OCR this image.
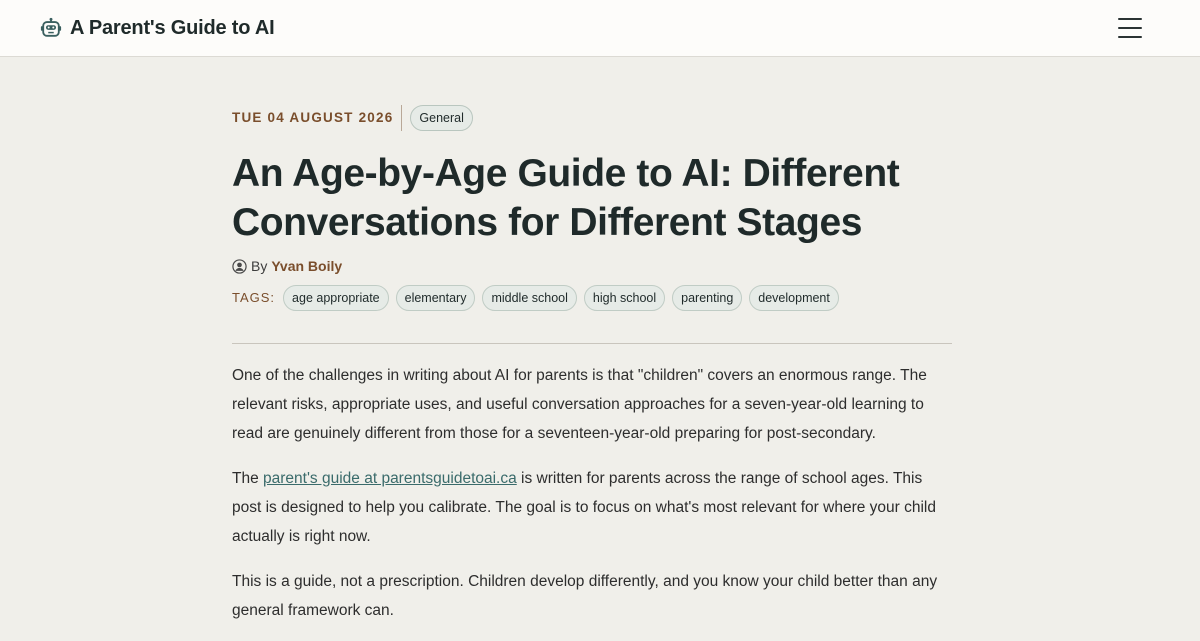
A Parent's Guide to AI
TUE 04 AUGUST 2026	General
An Age-by-Age Guide to AI: Different Conversations for Different Stages
By Yvan Boily
TAGS:	age appropriate	elementary	middle school	high school	parenting	development

One of the challenges in writing about AI for parents is that "children" covers an enormous range. The relevant risks, appropriate uses, and useful conversation approaches for a seven-year-old learning to read are genuinely different from those for a seventeen-year-old preparing for post-secondary.

The parent's guide at parentsguidetoai.ca is written for parents across the range of school ages. This post is designed to help you calibrate. The goal is to focus on what's most relevant for where your child actually is right now.

This is a guide, not a prescription. Children develop differently, and you know your child better than any general framework can.
